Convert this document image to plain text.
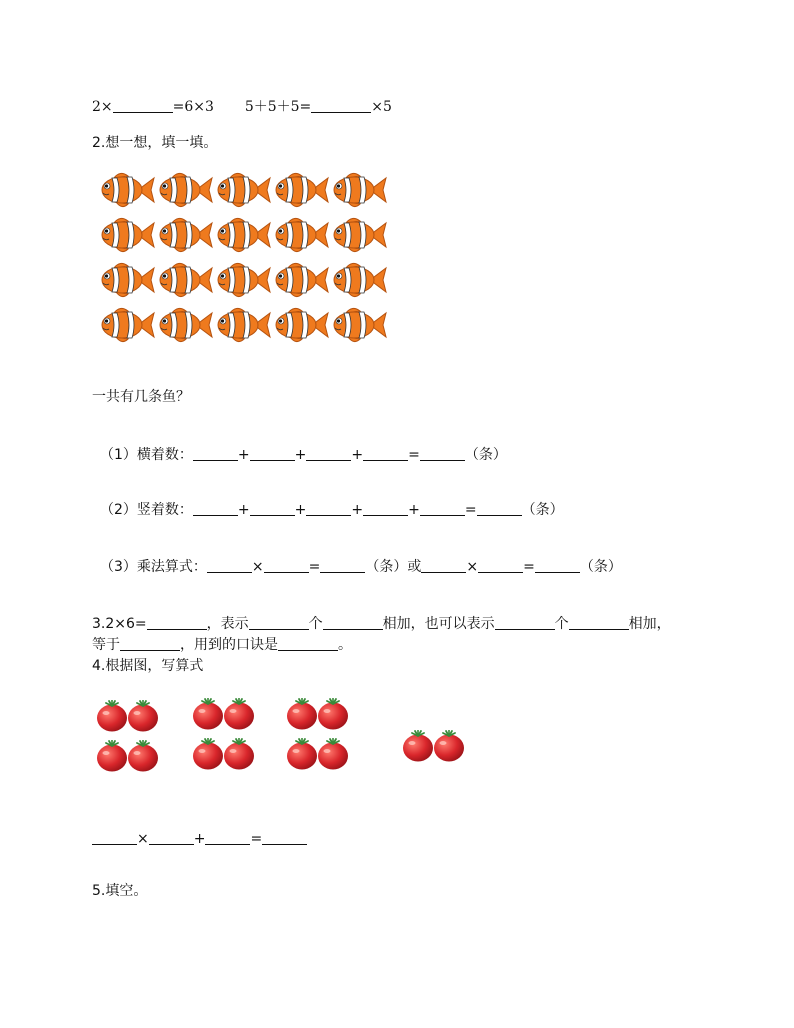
2×	=6×3 5＋5＋5=	×5
2.想一想，填一填。
一共有几条鱼？
（1）横着数：	+	+	+	=	（条）
（2）竖着数：	+	+	+	+	=	（条）
（3）乘法算式：	×	=	（条）或	×	=	（条）
3.2×6=	，表示	个	相加，也可以表示	个	相加，
等于	，用到的口诀是	。
4.根据图，写算式
×	+	=
5.填空。
